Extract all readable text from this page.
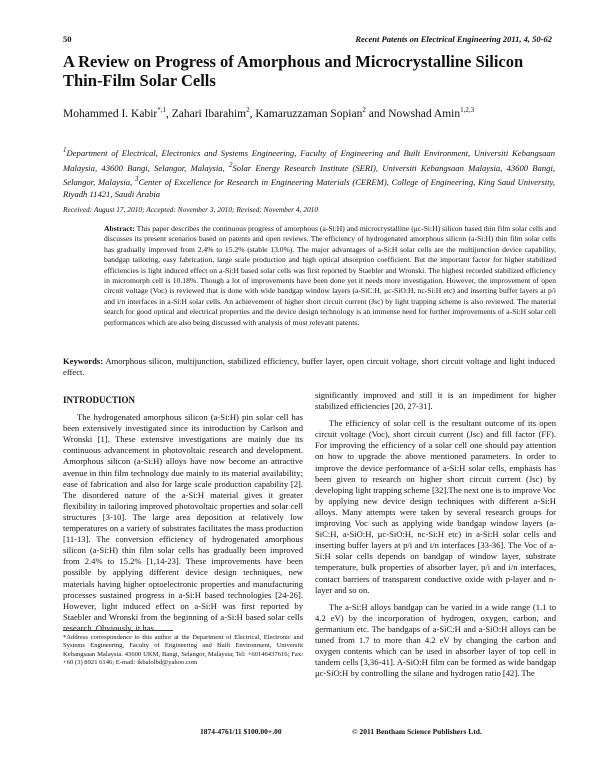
50	Recent Patents on Electrical Engineering 2011, 4, 50-62
A Review on Progress of Amorphous and Microcrystalline Silicon Thin-Film Solar Cells
Mohammed I. Kabir$^{*,1}$, Zahari Ibarahim$^2$, Kamaruzzaman Sopian$^2$ and Nowshad Amin$^{1,2,3}$
$^1$Department of Electrical, Electronics and Systems Engineering, Faculty of Engineering and Built Environment, Universiti Kebangsaan Malaysia, 43600 Bangi, Selangor, Malaysia, $^2$Solar Energy Research Institute (SERI), Universiti Kebangsaan Malaysia, 43600 Bangi, Selangor, Malaysia, $^3$Center of Excellence for Research in Engineering Materials (CEREM), College of Engineering, King Saud University, Riyadh 11421, Saudi Arabia
Received: August 17, 2010; Accepted: November 3, 2010; Revised: November 4, 2010
Abstract: This paper describes the continuous progress of amorphous (a-Si:H) and microcrystalline (μc-Si:H) silicon based thin film solar cells and discusses its present scenarios based on patents and open reviews. The efficiency of hydrogenated amorphous silicon (a-Si:H) thin film solar cells has gradually improved from 2.4% to 15.2% (stable 13.0%). The major advantages of a-Si:H solar cells are the multijunction device capability, bandgap tailoring, easy fabrication, large scale production and high optical absorption coefficient. But the important factor for higher stabilized efficiencies is light induced effect on a-Si:H based solar cells was first reported by Staebler and Wronski. The highest recorded stabilized efficiency in micromorph cell is 10.18%. Though a lot of improvements have been done yet it needs more investigation. However, the improvement of open circuit voltage (Voc) is reviewed that is done with wide bandgap window layers (a-SiC:H, μc-SiO:H, nc-Si:H etc) and inserting buffer layers at p/i and i/n interfaces in a-Si:H solar cells. An achievement of higher short circuit current (Jsc) by light trapping scheme is also reviewed. The material search for good optical and electrical properties and the device design technology is an immense need for further improvements of a-Si:H solar cell performances which are also being discussed with analysis of most relevant patents.
Keywords: Amorphous silicon, multijunction, stabilized efficiency, buffer layer, open circuit voltage, short circuit voltage and light induced effect.

INTRODUCTION

The hydrogenated amorphous silicon (a-Si:H) pin solar cell has been extensively investigated since its introduction by Carlson and Wronski [1]. These extensive investigations are mainly due its continuous advancement in photovoltaic research and development. Amorphous silicon (a-Si:H) alloys have now become an attractive avenue in thin film technology due mainly to its material availability; ease of fabrication and also for large scale production capability [2]. The disordered nature of the a-Si:H material gives it greater flexibility in tailoring improved photovoltaic properties and solar cell structures [3-10]. The large area deposition at relatively low temperatures on a variety of substrates facilitates the mass production [11-13]. The conversion efficiency of hydrogenated amorphous silicon (a-Si:H) thin film solar cells has gradually been improved from 2.4% to 15.2% [1,14-23]. These improvements have been possible by applying different device design techniques, new materials having higher optoelectronic properties and manufacturing processes sustained progress in a-Si:H based technologies [24-26]. However, light induced effect on a-Si:H was first reported by Staebler and Wronski from the beginning of a-Si:H based solar cells research. Obviously, it has

significantly improved and still it is an impediment for higher stabilized efficiencies [20, 27-31].

The efficiency of solar cell is the resultant outcome of its open circuit voltage (Voc), short circuit current (Jsc) and fill factor (FF). For improving the efficiency of a solar cell one should pay attention on how to upgrade the above mentioned parameters. In order to improve the device performance of a-Si:H solar cells, emphasis has been given to research on higher short circuit current (Jsc) by developing light trapping scheme [32].The next one is to improve Voc by applying new device design techniques with different a-Si:H alloys. Many attempts were taken by several research groups for improving Voc such as applying wide bandgap window layers (a-SiC:H, a-SiO:H, μc-SiO:H, nc-Si:H etc) in a-Si:H solar cells and inserting buffer layers at p/i and i/n interfaces [33-36]. The Voc of a-Si:H solar cells depends on bandgap of window layer, substrate temperature, bulk properties of absorber layer, p/i and i/n interfaces, contact barriers of transparent conductive oxide with p-layer and n-layer and so on.

The a-Si:H alloys bandgap can be varied in a wide range (1.1 to 4.2 eV) by the incorporation of hydrogen, oxygen, carbon, and germanium etc. The bandgaps of a-SiC:H and a-SiO:H alloys can be tuned from 1.7 to more than 4.2 eV by changing the carbon and oxygen contents which can be used in absorber layer of top cell in tandem cells [3,36-41]. A-SiO:H film can be formed as wide bandgap μc-SiO:H by controlling the silane and hydrogen ratio [42]. The

*Address correspondence to this author at the Department of Electrical, Electronic and Systems Engineering, Faculty of Engineering and Built Environment, Universiti Kebangsaan Malaysia. 43600 UKM, Bangi, Selangor, Malaysia; Tel: +60146437616; Fax: +60 (3) 8921 6146; E-mail: ikbalolbd@yahoo.com
1874-4761/11 $100.00+.00	© 2011 Bentham Science Publishers Ltd.
